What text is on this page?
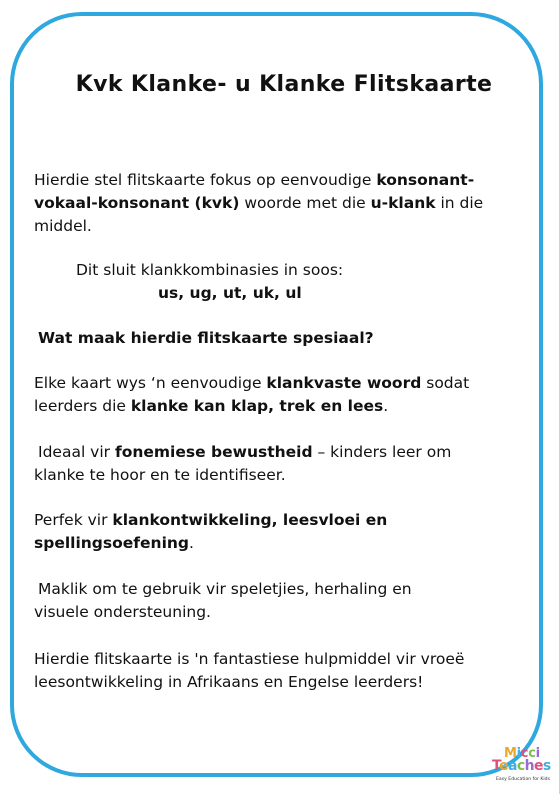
Kvk Klanke- u Klanke Flitskaarte

Hierdie stel flitskaarte fokus op eenvoudige konsonant-
vokaal-konsonant (kvk) woorde met die u-klank in die
middel.

Dit sluit klankkombinasies in soos:

us, ug, ut, uk, ul

Wat maak hierdie flitskaarte spesiaal?

Elke kaart wys ‘n eenvoudige klankvaste woord sodat
leerders die klanke kan klap, trek en lees.

Ideaal vir fonemiese bewustheid – kinders leer om
klanke te hoor en te identifiseer.

Perfek vir klankontwikkeling, leesvloei en
spellingsoefening.

Maklik om te gebruik vir speletjies, herhaling en
visuele ondersteuning.

Hierdie flitskaarte is 'n fantastiese hulpmiddel vir vroeë
leesontwikkeling in Afrikaans en Engelse leerders!

Micci
Teaches
Easy Education for Kids
